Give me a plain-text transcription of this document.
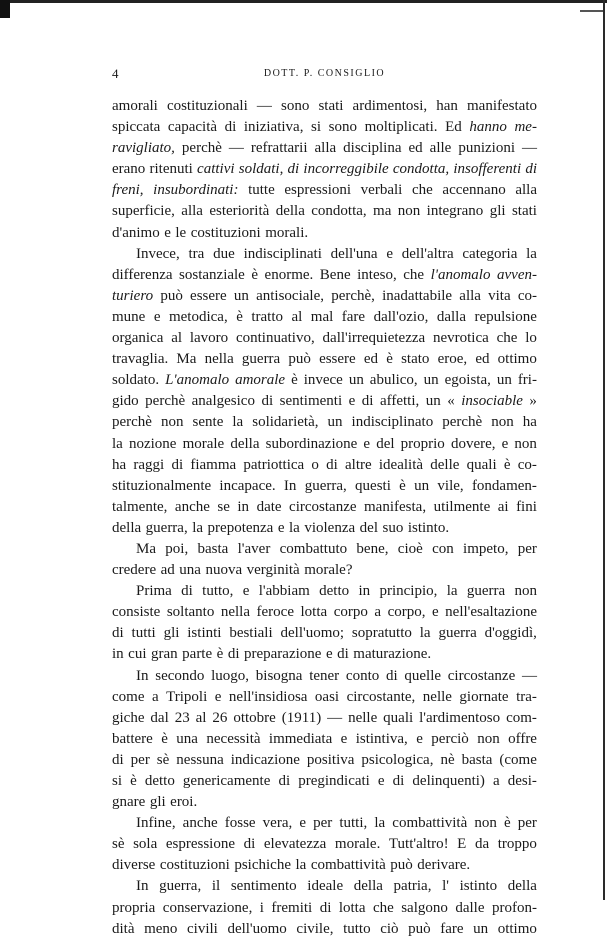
4	DOTT. P. CONSIGLIO
amorali costituzionali — sono stati ardimentosi, han manifestato
spiccata capacità di iniziativa, si sono moltiplicati. Ed hanno me-
ravigliato, perchè — refrattarii alla disciplina ed alle punizioni —
erano ritenuti cattivi soldati, di incorreggibile condotta, insofferenti di
freni, insubordinati: tutte espressioni verbali che accennano alla
superficie, alla esteriorità della condotta, ma non integrano gli stati
d'animo e le costituzioni morali.
Invece, tra due indisciplinati dell'una e dell'altra categoria la
differenza sostanziale è enorme. Bene inteso, che l'anomalo avven-
turiero può essere un antisociale, perchè, inadattabile alla vita co-
mune e metodica, è tratto al mal fare dall'ozio, dalla repulsione
organica al lavoro continuativo, dall'irrequietezza nevrotica che lo
travaglia. Ma nella guerra può essere ed è stato eroe, ed ottimo
soldato. L'anomalo amorale è invece un abulico, un egoista, un fri-
gido perchè analgesico di sentimenti e di affetti, un « insociable »
perchè non sente la solidarietà, un indisciplinato perchè non ha
la nozione morale della subordinazione e del proprio dovere, e non
ha raggi di fiamma patriottica o di altre idealità delle quali è co-
stituzionalmente incapace. In guerra, questi è un vile, fondamen-
talmente, anche se in date circostanze manifesta, utilmente ai fini
della guerra, la prepotenza e la violenza del suo istinto.
Ma poi, basta l'aver combattuto bene, cioè con impeto, per
credere ad una nuova verginità morale?
Prima di tutto, e l'abbiam detto in principio, la guerra non
consiste soltanto nella feroce lotta corpo a corpo, e nell'esaltazione
di tutti gli istinti bestiali dell'uomo; sopratutto la guerra d'oggidì,
in cui gran parte è di preparazione e di maturazione.
In secondo luogo, bisogna tener conto di quelle circostanze —
come a Tripoli e nell'insidiosa oasi circostante, nelle giornate tra-
giche dal 23 al 26 ottobre (1911) — nelle quali l'ardimentoso com-
battere è una necessità immediata e istintiva, e perciò non offre
di per sè nessuna indicazione positiva psicologica, nè basta (come
si è detto genericamente di pregindicati e di delinquenti) a desi-
gnare gli eroi.
Infine, anche fosse vera, e per tutti, la combattività non è per
sè sola espressione di elevatezza morale. Tutt'altro! E da troppo
diverse costituzioni psichiche la combattività può derivare.
In guerra, il sentimento ideale della patria, l' istinto della
propria conservazione, i fremiti di lotta che salgono dalle profon-
dità meno civili dell'uomo civile, tutto ciò può fare un ottimo
